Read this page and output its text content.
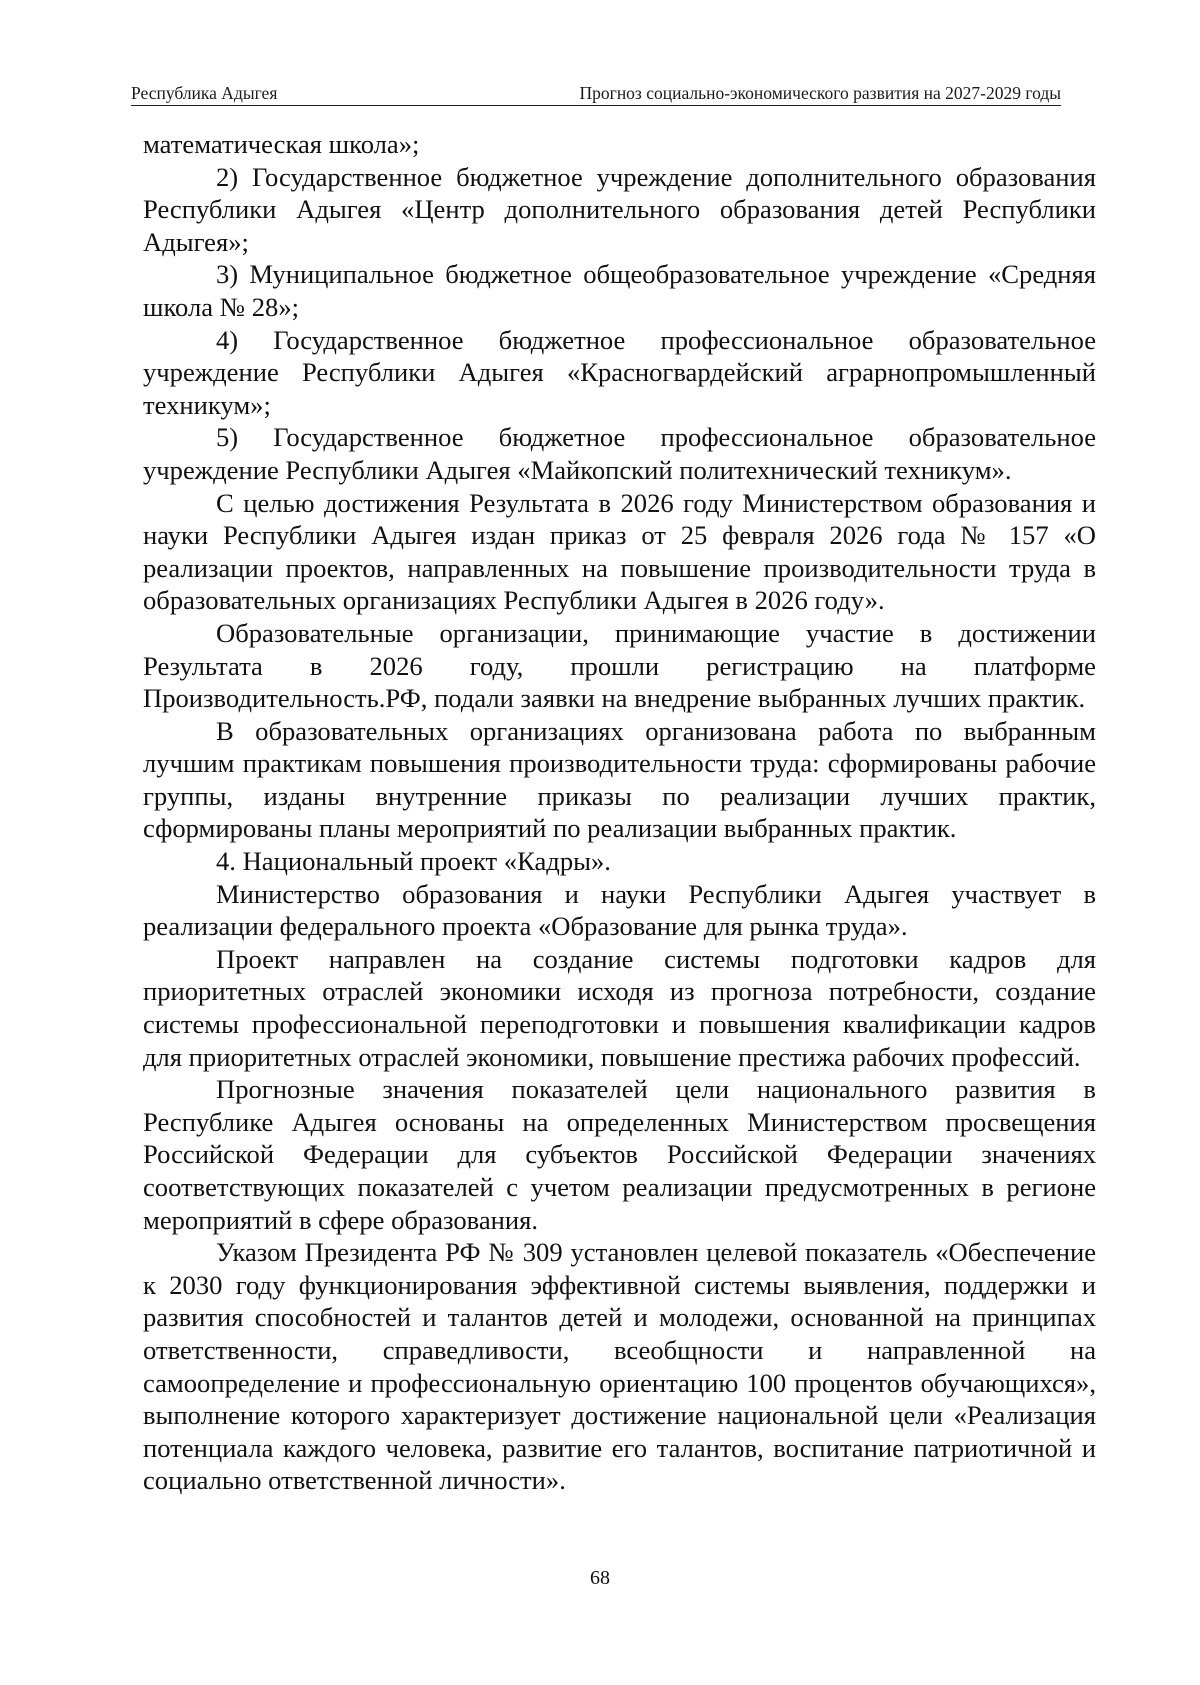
Республика Адыгея	Прогноз социально-экономического развития на 2027-2029 годы

математическая школа»;

2) Государственное бюджетное учреждение дополнительного образования Республики Адыгея «Центр дополнительного образования детей Республики Адыгея»;

3) Муниципальное бюджетное общеобразовательное учреждение «Средняя школа № 28»;

4) Государственное бюджетное профессиональное образовательное учреждение Республики Адыгея «Красногвардейский аграрнопромышленный техникум»;

5) Государственное бюджетное профессиональное образовательное учреждение Республики Адыгея «Майкопский политехнический техникум».

С целью достижения Результата в 2026 году Министерством образования и науки Республики Адыгея издан приказ от 25 февраля 2026 года № 157 «О реализации проектов, направленных на повышение производительности труда в образовательных организациях Республики Адыгея в 2026 году».

Образовательные организации, принимающие участие в достижении Результата в 2026 году, прошли регистрацию на платформе Производительность.РФ, подали заявки на внедрение выбранных лучших практик.

В образовательных организациях организована работа по выбранным лучшим практикам повышения производительности труда: сформированы рабочие группы, изданы внутренние приказы по реализации лучших практик, сформированы планы мероприятий по реализации выбранных практик.

4. Национальный проект «Кадры».

Министерство образования и науки Республики Адыгея участвует в реализации федерального проекта «Образование для рынка труда».

Проект направлен на создание системы подготовки кадров для приоритетных отраслей экономики исходя из прогноза потребности, создание системы профессиональной переподготовки и повышения квалификации кадров для приоритетных отраслей экономики, повышение престижа рабочих профессий.

Прогнозные значения показателей цели национального развития в Республике Адыгея основаны на определенных Министерством просвещения Российской Федерации для субъектов Российской Федерации значениях соответствующих показателей с учетом реализации предусмотренных в регионе мероприятий в сфере образования.

Указом Президента РФ № 309 установлен целевой показатель «Обеспечение к 2030 году функционирования эффективной системы выявления, поддержки и развития способностей и талантов детей и молодежи, основанной на принципах ответственности, справедливости, всеобщности и направленной на самоопределение и профессиональную ориентацию 100 процентов обучающихся», выполнение которого характеризует достижение национальной цели «Реализация потенциала каждого человека, развитие его талантов, воспитание патриотичной и социально ответственной личности».

68
